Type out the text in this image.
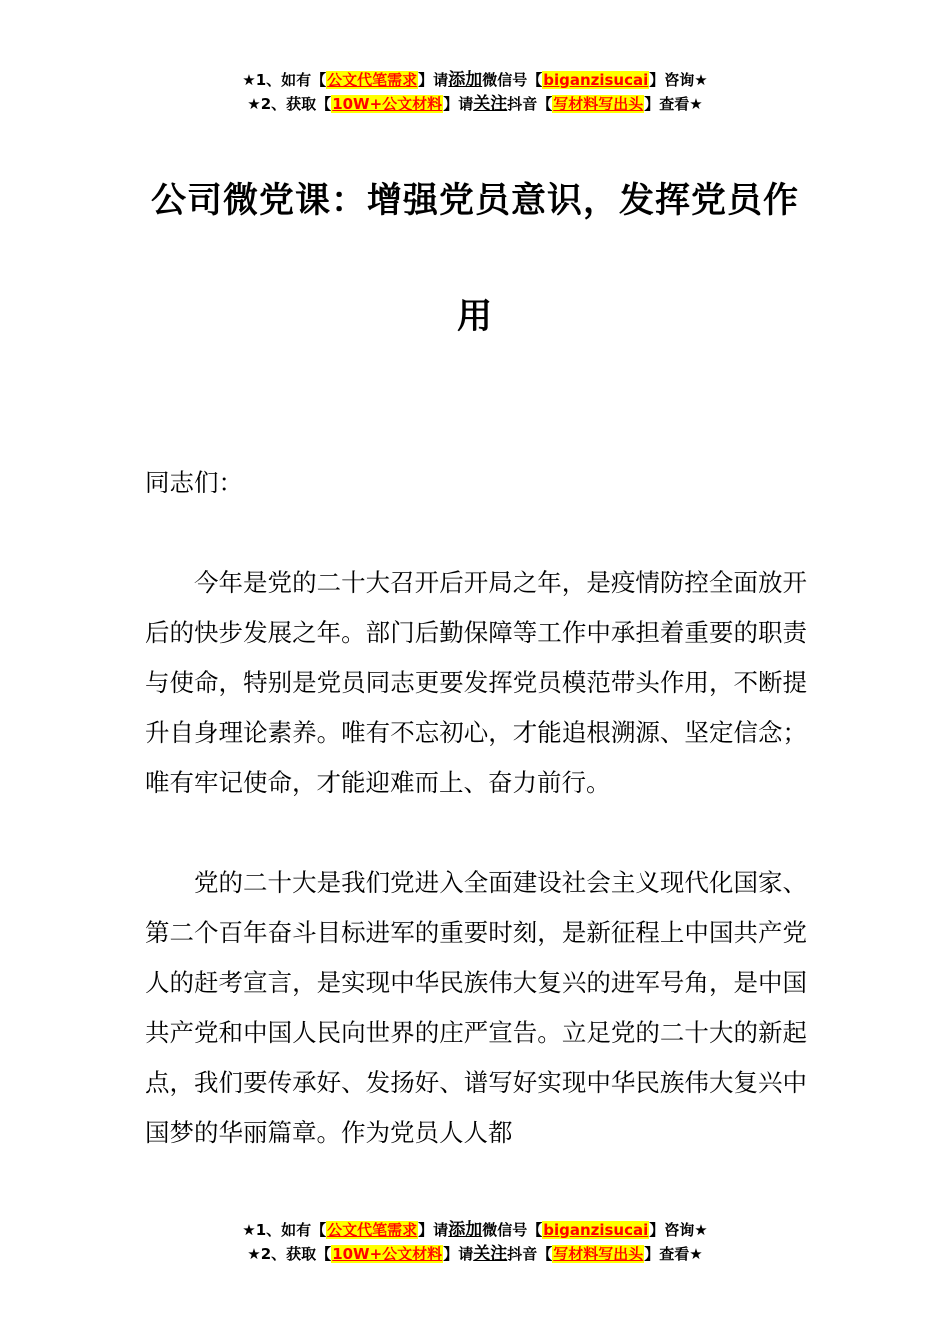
★1、如有【公文代笔需求】请添加微信号【biganzisucai】咨询★
★2、获取【10W+公文材料】请关注抖音【写材料写出头】查看★
公司微党课：增强党员意识，发挥党员作用

同志们：

今年是党的二十大召开后开局之年，是疫情防控全面放开后的快步发展之年。部门后勤保障等工作中承担着重要的职责与使命，特别是党员同志更要发挥党员模范带头作用，不断提升自身理论素养。唯有不忘初心，才能追根溯源、坚定信念；唯有牢记使命，才能迎难而上、奋力前行。

党的二十大是我们党进入全面建设社会主义现代化国家、第二个百年奋斗目标进军的重要时刻，是新征程上中国共产党人的赶考宣言，是实现中华民族伟大复兴的进军号角，是中国共产党和中国人民向世界的庄严宣告。立足党的二十大的新起点，我们要传承好、发扬好、谱写好实现中华民族伟大复兴中国梦的华丽篇章。作为党员人人都

★1、如有【公文代笔需求】请添加微信号【biganzisucai】咨询★
★2、获取【10W+公文材料】请关注抖音【写材料写出头】查看★
